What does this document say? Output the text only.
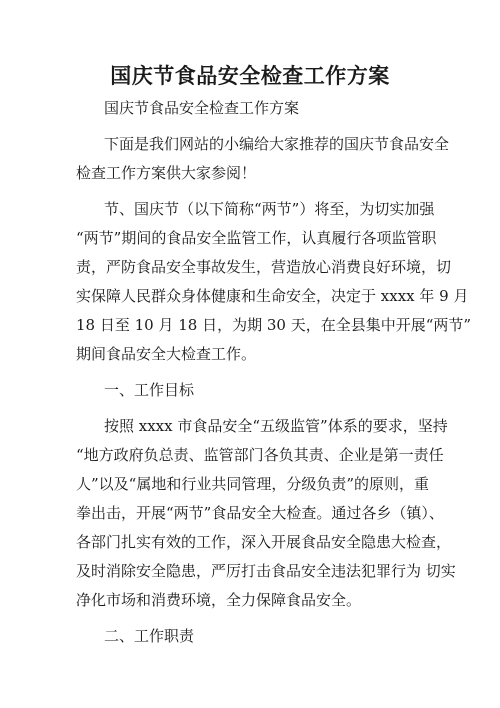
国庆节食品安全检查工作方案
国庆节食品安全检查工作方案
下面是我们网站的小编给大家推荐的国庆节食品安全
检查工作方案供大家参阅！
节、国庆节（以下简称“两节”）将至，为切实加强
“两节”期间的食品安全监管工作，认真履行各项监管职
责，严防食品安全事故发生，营造放心消费良好环境，切
实保障人民群众身体健康和生命安全，决定于 xxxx 年 9 月
18 日至 10 月 18 日，为期 30 天，在全县集中开展“两节”
期间食品安全大检查工作。
一、工作目标
按照 xxxx 市食品安全“五级监管”体系的要求，坚持
“地方政府负总责、监管部门各负其责、企业是第一责任
人”以及“属地和行业共同管理，分级负责”的原则，重
拳出击，开展“两节”食品安全大检查。通过各乡（镇）、
各部门扎实有效的工作，深入开展食品安全隐患大检查，
及时消除安全隐患，严厉打击食品安全违法犯罪行为 切实
净化市场和消费环境，全力保障食品安全。
二、工作职责
